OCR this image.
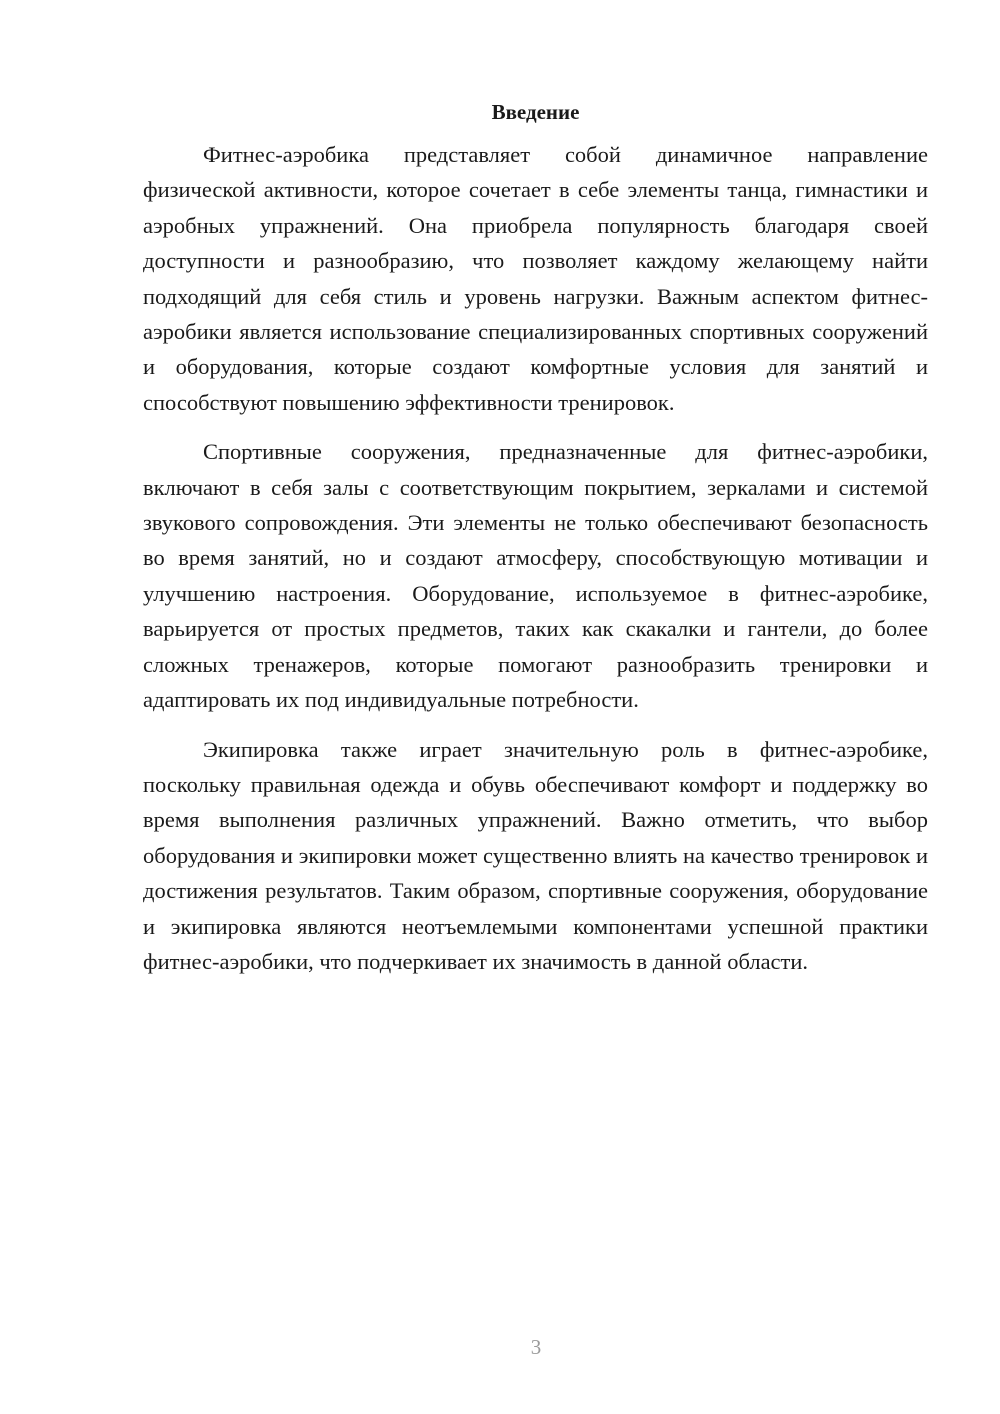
Введение

Фитнес-аэробика представляет собой динамичное направление физической активности, которое сочетает в себе элементы танца, гимнастики и аэробных упражнений. Она приобрела популярность благодаря своей доступности и разнообразию, что позволяет каждому желающему найти подходящий для себя стиль и уровень нагрузки. Важным аспектом фитнес-аэробики является использование специализированных спортивных сооружений и оборудования, которые создают комфортные условия для занятий и способствуют повышению эффективности тренировок.

Спортивные сооружения, предназначенные для фитнес-аэробики, включают в себя залы с соответствующим покрытием, зеркалами и системой звукового сопровождения. Эти элементы не только обеспечивают безопасность во время занятий, но и создают атмосферу, способствующую мотивации и улучшению настроения. Оборудование, используемое в фитнес-аэробике, варьируется от простых предметов, таких как скакалки и гантели, до более сложных тренажеров, которые помогают разнообразить тренировки и адаптировать их под индивидуальные потребности.

Экипировка также играет значительную роль в фитнес-аэробике, поскольку правильная одежда и обувь обеспечивают комфорт и поддержку во время выполнения различных упражнений. Важно отметить, что выбор оборудования и экипировки может существенно влиять на качество тренировок и достижения результатов. Таким образом, спортивные сооружения, оборудование и экипировка являются неотъемлемыми компонентами успешной практики фитнес-аэробики, что подчеркивает их значимость в данной области.

3
